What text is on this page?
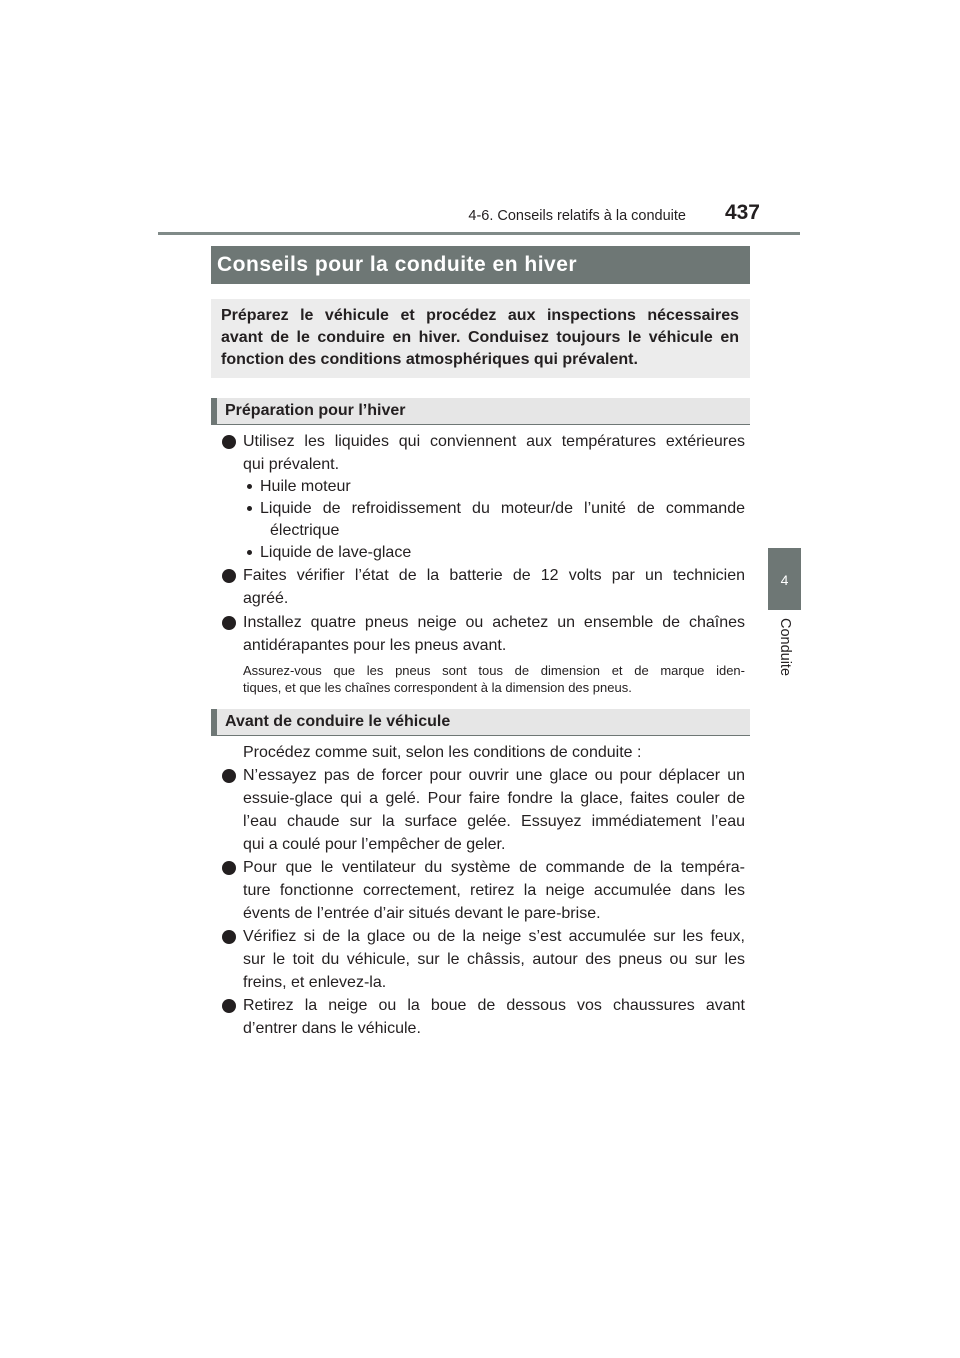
4-6. Conseils relatifs à la conduite	437
4
Conduite
Conseils pour la conduite en hiver

Préparez le véhicule et procédez aux inspections nécessaires

avant de le conduire en hiver. Conduisez toujours le véhicule en

fonction des conditions atmosphériques qui prévalent.

Préparation pour l’hiver
Utilisez les liquides qui conviennent aux températures extérieures
qui prévalent.
Huile moteur
Liquide de refroidissement du moteur/de l’unité de commande
électrique
Liquide de lave-glace
Faites vérifier l’état de la batterie de 12 volts par un technicien
agréé.
Installez quatre pneus neige ou achetez un ensemble de chaînes
antidérapantes pour les pneus avant.
Assurez-vous que les pneus sont tous de dimension et de marque iden-
tiques, et que les chaînes correspondent à la dimension des pneus.
Avant de conduire le véhicule
Procédez comme suit, selon les conditions de conduite :
N’essayez pas de forcer pour ouvrir une glace ou pour déplacer un
essuie-glace qui a gelé. Pour faire fondre la glace, faites couler de
l’eau chaude sur la surface gelée. Essuyez immédiatement l’eau
qui a coulé pour l’empêcher de geler.
Pour que le ventilateur du système de commande de la tempéra-
ture fonctionne correctement, retirez la neige accumulée dans les
évents de l’entrée d’air situés devant le pare-brise.
Vérifiez si de la glace ou de la neige s’est accumulée sur les feux,
sur le toit du véhicule, sur le châssis, autour des pneus ou sur les
freins, et enlevez-la.
Retirez la neige ou la boue de dessous vos chaussures avant
d’entrer dans le véhicule.
